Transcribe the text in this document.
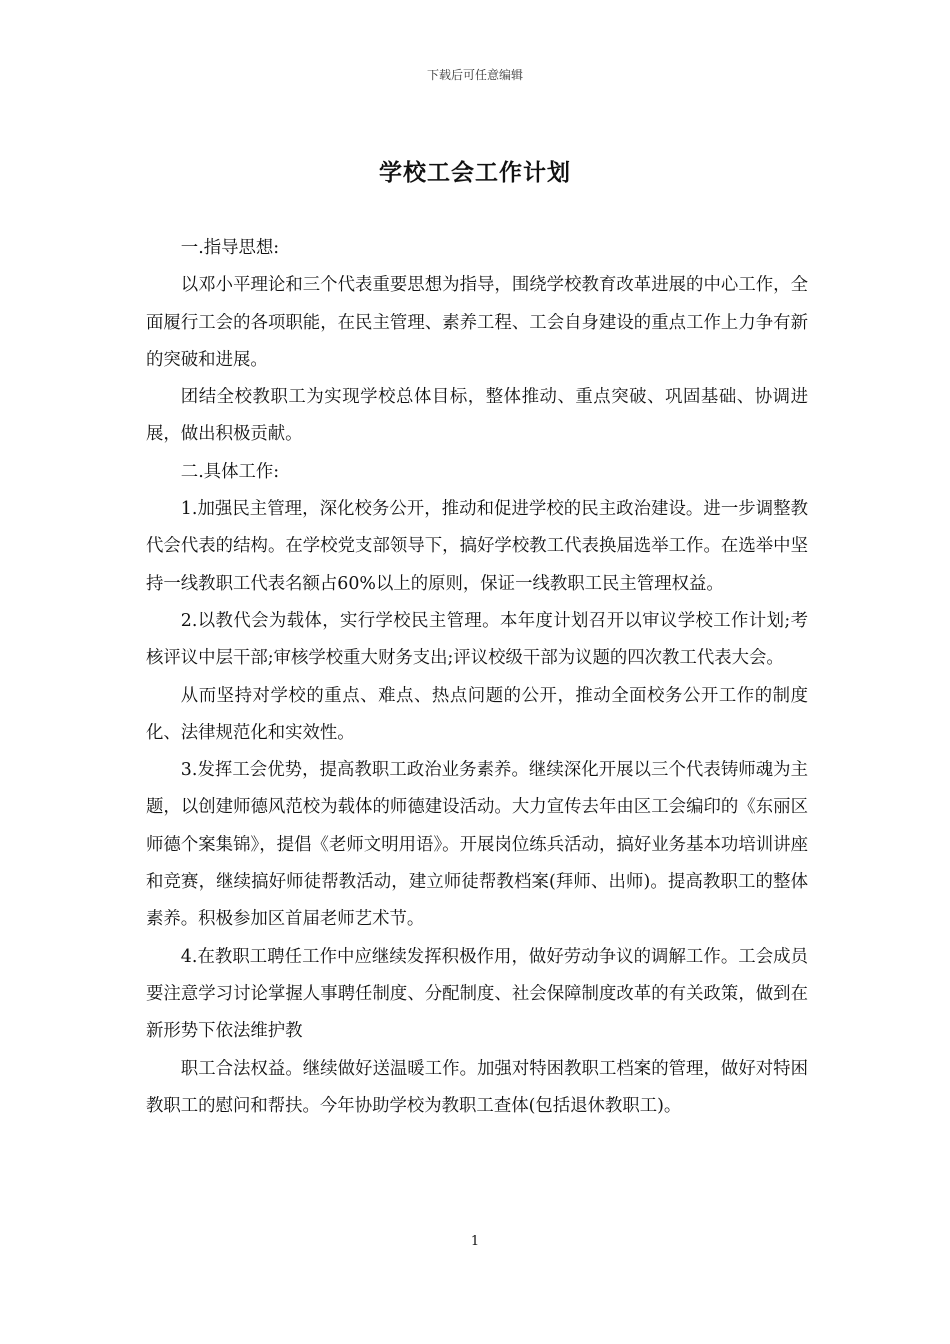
下载后可任意编辑
学校工会工作计划

一.指导思想:

以邓小平理论和三个代表重要思想为指导，围绕学校教育改革进展的中心工作，全面履行工会的各项职能，在民主管理、素养工程、工会自身建设的重点工作上力争有新的突破和进展。

团结全校教职工为实现学校总体目标，整体推动、重点突破、巩固基础、协调进展，做出积极贡献。

二.具体工作:

1.加强民主管理，深化校务公开，推动和促进学校的民主政治建设。进一步调整教代会代表的结构。在学校党支部领导下，搞好学校教工代表换届选举工作。在选举中坚持一线教职工代表名额占60%以上的原则，保证一线教职工民主管理权益。

2.以教代会为载体，实行学校民主管理。本年度计划召开以审议学校工作计划;考核评议中层干部;审核学校重大财务支出;评议校级干部为议题的四次教工代表大会。

从而坚持对学校的重点、难点、热点问题的公开，推动全面校务公开工作的制度化、法律规范化和实效性。

3.发挥工会优势，提高教职工政治业务素养。继续深化开展以三个代表铸师魂为主题，以创建师德风范校为载体的师德建设活动。大力宣传去年由区工会编印的《东丽区师德个案集锦》，提倡《老师文明用语》。开展岗位练兵活动，搞好业务基本功培训讲座和竞赛，继续搞好师徒帮教活动，建立师徒帮教档案(拜师、出师)。提高教职工的整体素养。积极参加区首届老师艺术节。

4.在教职工聘任工作中应继续发挥积极作用，做好劳动争议的调解工作。工会成员要注意学习讨论掌握人事聘任制度、分配制度、社会保障制度改革的有关政策，做到在新形势下依法维护教

职工合法权益。继续做好送温暖工作。加强对特困教职工档案的管理，做好对特困教职工的慰问和帮扶。今年协助学校为教职工查体(包括退休教职工)。

1
